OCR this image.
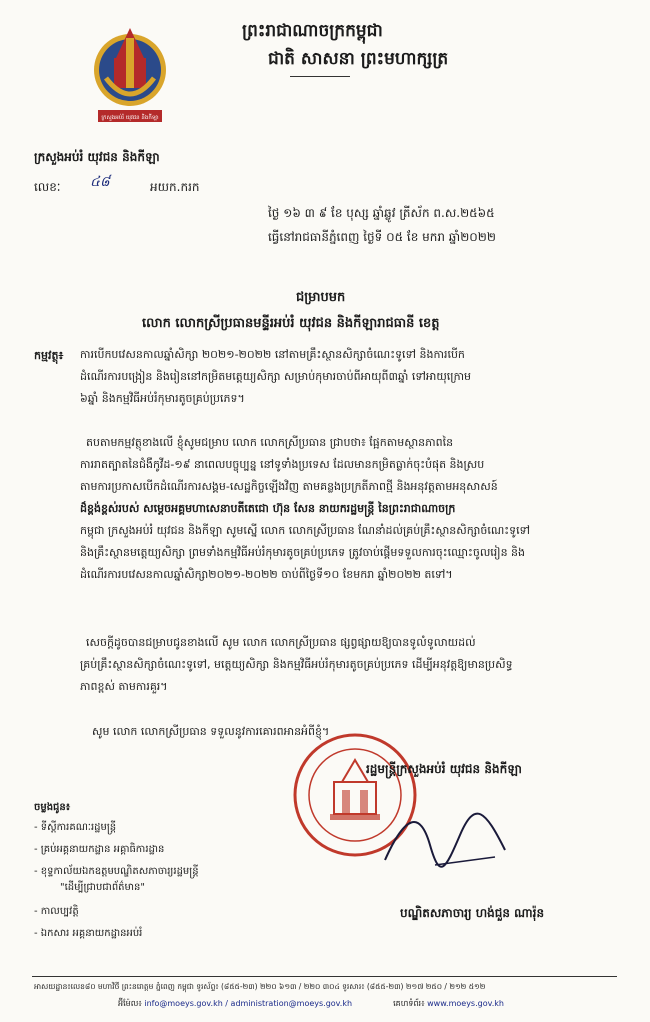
ក្រសួងអប់រំ យុវជន និងកីឡា
ព្រះរាជាណាចក្រកម្ពុជា
ជាតិ សាសនា ព្រះមហាក្សត្រ
ក្រសួងអប់រំ យុវជន និងកីឡា
លេខៈ ៤៨	អយក.ករក
ថ្ងៃ ១៦ ៣ ៩ ខែ បុស្ស ឆ្នាំឆ្លូវ ត្រីស័ក ព.ស.២៥៦៥
ធ្វើនៅរាជធានីភ្នំពេញ ថ្ងៃទី ០៥ ខែ មករា ឆ្នាំ២០២២
ជម្រាបមក
លោក លោកស្រីប្រធានមន្ទីរអប់រំ យុវជន និងកីឡារាជធានី ខេត្ត
កម្មវត្ថុ៖ ការបើកបវេសនកាលឆ្នាំសិក្សា ២០២១-២០២២ នៅតាមគ្រឹះស្ថានសិក្សាចំណេះទូទៅ និងការបើក
ដំណើរការបង្រៀន និងរៀននៅកម្រិតមត្តេយ្យសិក្សា សម្រាប់កុមារចាប់ពីអាយុពី៣ឆ្នាំ ទៅអាយុក្រោម
៦ឆ្នាំ និងកម្មវិធីអប់រំកុមារតូចគ្រប់ប្រភេទ។
តបតាមកម្មវត្ថុខាងលើ ខ្ញុំសូមជម្រាប លោក លោកស្រីប្រធាន ជ្រាបថា៖ ផ្អែកតាមស្ថានភាពនៃ
ការរាតត្បាតនៃជំងឺកូវីដ-១៩ នាពេលបច្ចុប្បន្ន នៅទូទាំងប្រទេស ដែលមានកម្រិតធ្លាក់ចុះបំផុត និងស្រប
តាមការប្រកាសបើកដំណើរការសង្គម-សេដ្ឋកិច្ចឡើងវិញ តាមគន្លងប្រក្រតីភាពថ្មី និងអនុវត្តតាមអនុសាសន៍
ដ៏ខ្ពង់ខ្ពស់របស់ សម្តេចអគ្គមហាសេនាបតីតេជោ ហ៊ុន សែន នាយករដ្ឋមន្ត្រី នៃព្រះរាជាណាចក្រ
កម្ពុជា ក្រសួងអប់រំ យុវជន និងកីឡា សូមស្នើ លោក លោកស្រីប្រធាន ណែនាំដល់គ្រប់គ្រឹះស្ថានសិក្សាចំណេះទូទៅ
និងគ្រឹះស្ថានមត្តេយ្យសិក្សា ព្រមទាំងកម្មវិធីអប់រំកុមារតូចគ្រប់ប្រភេទ ត្រូវចាប់ផ្តើមទទួលការចុះឈ្មោះចូលរៀន និង
ដំណើរការបវេសនកាលឆ្នាំសិក្សា២០២១-២០២២ ចាប់ពីថ្ងៃទី១០ ខែមករា ឆ្នាំ២០២២ តទៅ។
សេចក្តីដូចបានជម្រាបជូនខាងលើ សូម លោក លោកស្រីប្រធាន ផ្សព្វផ្សាយឱ្យបានទូលំទូលាយដល់
គ្រប់គ្រឹះស្ថានសិក្សាចំណេះទូទៅ, មត្តេយ្យសិក្សា និងកម្មវិធីអប់រំកុមារតូចគ្រប់ប្រភេទ ដើម្បីអនុវត្តឱ្យមានប្រសិទ្ធ
ភាពខ្ពស់ តាមការគួរ។
សូម លោក លោកស្រីប្រធាន ទទួលនូវការគោរពអានអំពីខ្ញុំ។
រដ្ឋមន្ត្រីក្រសួងអប់រំ យុវជន និងកីឡា
បណ្ឌិតសភាចារ្យ ហង់ជួន ណារ៉ុន
ចម្លងជូន៖
- ទីស្តីការគណៈរដ្ឋមន្ត្រី
- គ្រប់អគ្គនាយកដ្ឋាន អគ្គាធិការដ្ឋាន
- ខុទ្ទកាល័យឯកឧត្តមបណ្ឌិតសភាចារ្យរដ្ឋមន្ត្រី
"ដើម្បីជ្រាបជាព័ត៌មាន"
- កាលប្បវត្តិ
- ឯកសារ អគ្គនាយកដ្ឋានអប់រំ
អាសយដ្ឋាន៖លេខ៨០ មហាវិថី ព្រះនរោត្តម ភ្នំពេញ កម្ពុជា ទូរស័ព្ទ៖ (៨៥៥-២៣) ២២០ ៦១៣ / ២២០ ៣០៤ ទូរសារ៖ (៨៥៥-២៣) ២១៧ ២៥០ / ២១២ ៥១២
អ៊ីម៉ែល៖ info@moeys.gov.kh / administration@moeys.gov.kh	គេហទំព័រ៖ www.moeys.gov.kh
